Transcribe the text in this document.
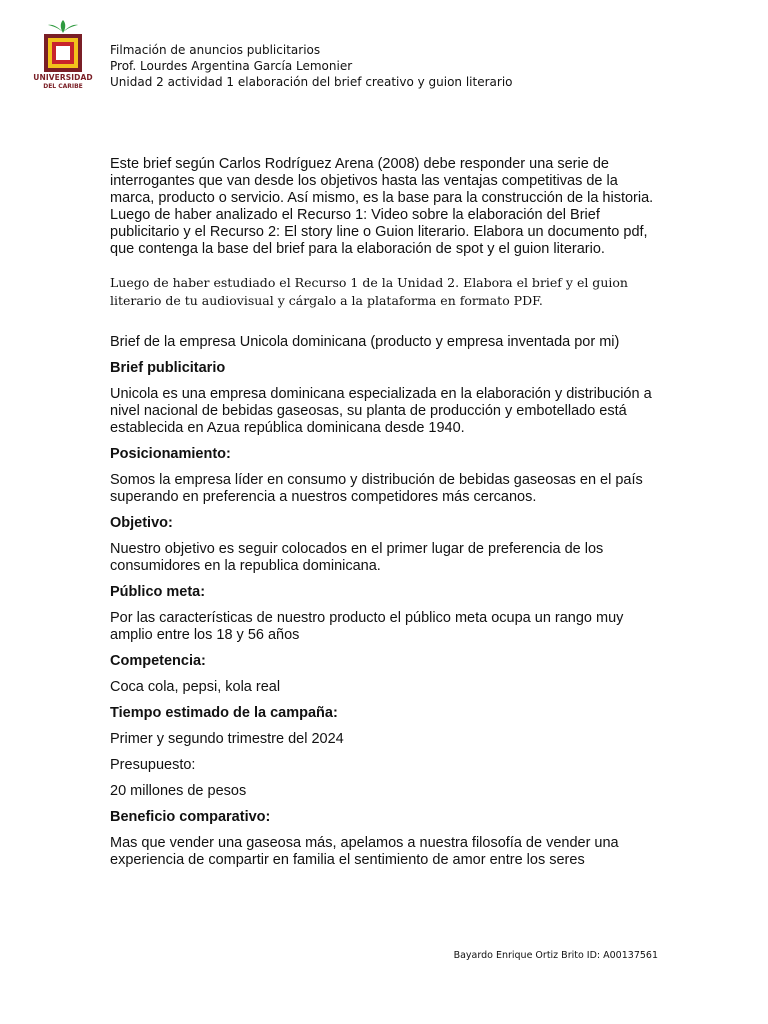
UNIVERSIDAD
DEL CARIBE
Filmación de anuncios publicitarios
Prof. Lourdes Argentina García Lemonier
Unidad 2 actividad 1 elaboración del brief creativo y guion literario

Este brief según Carlos Rodríguez Arena (2008) debe responder una serie de interrogantes que van desde los objetivos hasta las ventajas competitivas de la marca, producto o servicio. Así mismo, es la base para la construcción de la historia. Luego de haber analizado el Recurso 1: Video sobre la elaboración del Brief publicitario y el Recurso 2: El story line o Guion literario. Elabora un documento pdf, que contenga la base del brief para la elaboración de spot y el guion literario.

Luego de haber estudiado el Recurso 1 de la Unidad 2. Elabora el brief y el guion literario de tu audiovisual y cárgalo a la plataforma en formato PDF.

Brief de la empresa Unicola dominicana (producto y empresa inventada por mi)

Brief publicitario

Unicola es una empresa dominicana especializada en la elaboración y distribución a nivel nacional de bebidas gaseosas, su planta de producción y embotellado está establecida en Azua república dominicana desde 1940.

Posicionamiento:

Somos la empresa líder en consumo y distribución de bebidas gaseosas en el país superando en preferencia a nuestros competidores más cercanos.

Objetivo:

Nuestro objetivo es seguir colocados en el primer lugar de preferencia de los consumidores en la republica dominicana.

Público meta:

Por las características de nuestro producto el público meta ocupa un rango muy amplio entre los 18 y 56 años

Competencia:

Coca cola, pepsi, kola real

Tiempo estimado de la campaña:

Primer y segundo trimestre del 2024

Presupuesto:

20 millones de pesos

Beneficio comparativo:

Mas que vender una gaseosa más, apelamos a nuestra filosofía de vender una experiencia de compartir en familia el sentimiento de amor entre los seres

Bayardo Enrique Ortiz Brito ID: A00137561
